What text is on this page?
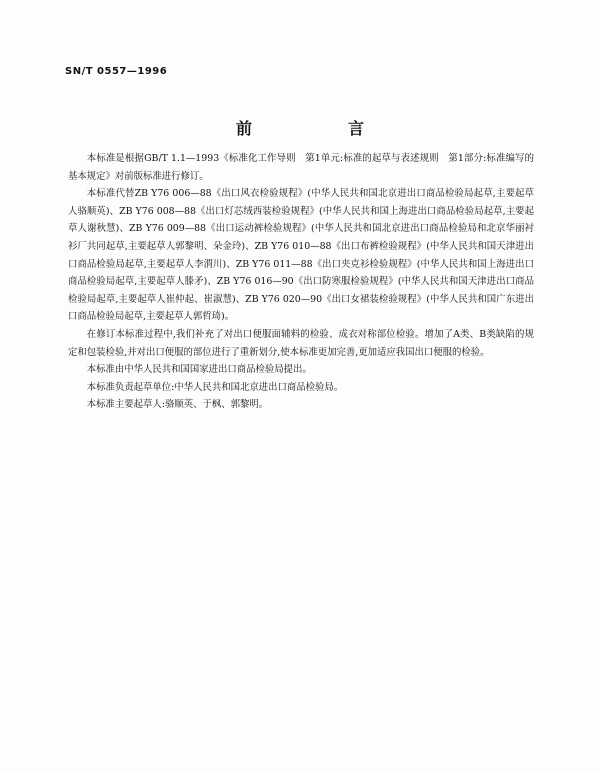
SN/T 0557—1996
前　言

本标准是根据GB/T 1.1—1993《标准化工作导则　第1单元:标准的起草与表述规则　第1部分:标准编写的基本规定》对前版标准进行修订。

本标准代替ZB Y76 006—88《出口风衣检验规程》(中华人民共和国北京进出口商品检验局起草,主要起草人骆顺英)、ZB Y76 008—88《出口灯芯绒西装检验规程》(中华人民共和国上海进出口商品检验局起草,主要起草人谢秋慧)、ZB Y76 009—88《出口运动裤检验规程》(中华人民共和国北京进出口商品检验局和北京华丽衬衫厂共同起草,主要起草人郭黎明、朵金玲)、ZB Y76 010—88《出口布裤检验规程》(中华人民共和国天津进出口商品检验局起草,主要起草人李渭川)、ZB Y76 011—88《出口夹克衫检验规程》(中华人民共和国上海进出口商品检验局起草,主要起草人滕矛)、ZB Y76 016—90《出口防寒服检验规程》(中华人民共和国天津进出口商品检验局起草,主要起草人崔仲起、崔淑慧)、ZB Y76 020—90《出口女裙装检验规程》(中华人民共和国广东进出口商品检验局起草,主要起草人郭哲琦)。

在修订本标准过程中,我们补充了对出口便服面辅料的检验、成衣对称部位检验。增加了A类、B类缺陷的规定和包装检验,并对出口便服的部位进行了重新划分,使本标准更加完善,更加适应我国出口便服的检验。

本标准由中华人民共和国国家进出口商品检验局提出。

本标准负责起草单位:中华人民共和国北京进出口商品检验局。

本标准主要起草人:骆顺英、于枫、郭黎明。
